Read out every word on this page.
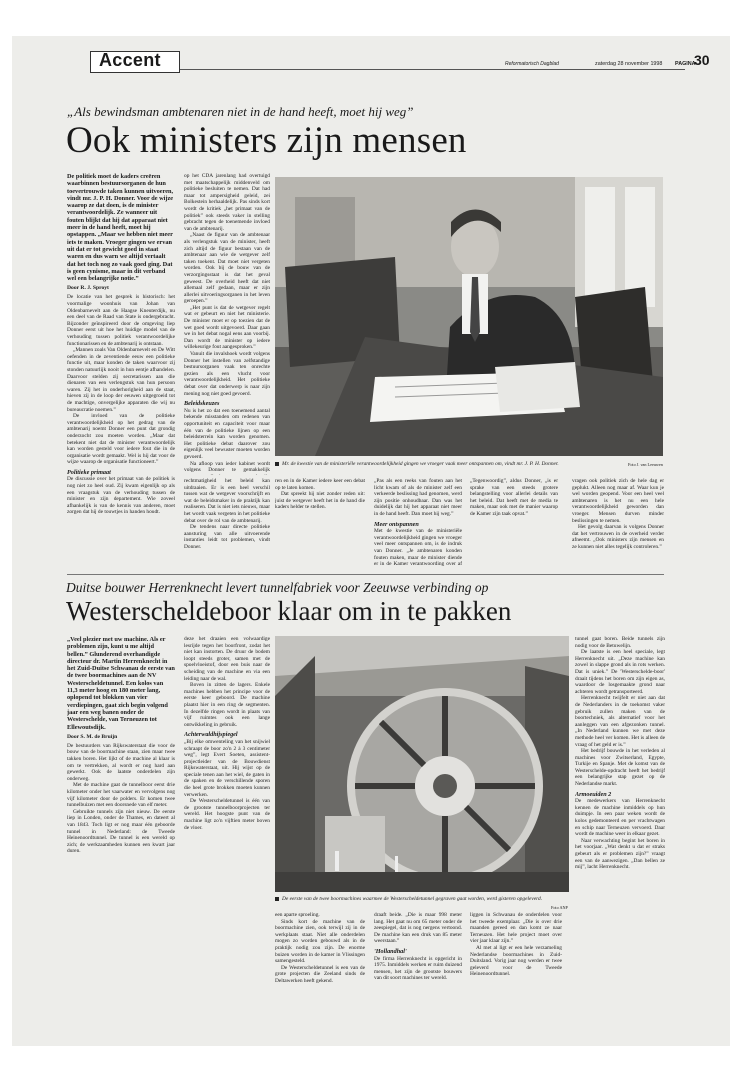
Accent	Reformatorisch Dagblad	zaterdag 28 november 1998 PAGINA
30
„Als bewindsman ambtenaren niet in de hand heeft, moet hij weg”
Ook ministers zijn mensen

De politiek moet de kaders creëren waarbinnen bestuursorganen de hun toevertrouwde taken kunnen uitvoeren, vindt mr. J. P. H. Donner. Voor de wijze waarop ze dat doen, is de minister verantwoordelijk. Ze wanneer uit fouten blijkt dat hij dat apparaat niet meer in de hand heeft, moet hij opstappen. „Maar we hebben niet meer iets te maken. Vroeger gingen we ervan uit dat er tot gewicht goed in staat waren en dus warn we altijd vertaalt dat het toch nog zo vaak goed ging. Dat is geen cynisme, maar in dit verband wel een belangrijke notie.”

Door R. J. Sproyt

De locatie van het gesprek is historisch: het voormalige woonhuis van Johan van Oldenbarnevelt aan de Haagse Kneuterdijk, nu een deel van de Raad van State is ondergebracht. Bijzonder geïnspireerd door de omgeving liep Donner eerst uit hoe het huidige model van de verhouding tussen politiek verantwoordelijke functionarissen en de ambtenarij is ontstaan.

„Mannen zoals Van Oldenbarnevelt en De Witt oefenden in de zeventiende eeuw een politieke functie uit, maar konden de taken waarvoor zij stonden natuurlijk nooit in hun eentje afhandelen. Daarvoor stelden zij secretarissen aan die dienaren van een verlengstuk van hun persoon waren. Zij het in onderhorigheid aan de staat, hieven zij in de loop der eeuwen uitgegroeid tot de machtige, onvergelijke apparaten die wij nu bureaucratie noemen.”

De invloed van de politieke verantwoordelijkheid op het gedrag van de ambtenarij noemt Donner een punt dat grondig onderzocht zou moeten worden. „Maar dat betekent niet dat de minister verantwoordelijk kan worden gesteld voor iedere fout die in de organisatie wordt gemaakt. Wel is hij dat voor de wijze waarop de organisatie functioneert.”

Politieke primaat

De discussie over het primaat van de politiek is nog niet zo heel oud. Zij kwam eigenlijk op als een vraagstuk van de verhouding tussen de minister en zijn departement. Wie zoveel afhankelijk is van de kennis van anderen, moet zorgen dat hij de touwtjes in handen houdt.

op het CDA jarenlang had overtuigd met maatschappelijk middenveld om politieke besluiten te nemen. Dat had maar tot ampersigheid geleid, zei Bolkestein herhaaldelijk. Pas sinds kort wordt de kritiek „het primaat van de politiek” ook steeds vaker in stelling gebracht tegen de toenemende invloed van de ambtenarij.

„Naast de figuur van de ambtenaar als verlengstuk van de minister, heeft zich altijd de figuur bestaan van de ambtenaar aan wie de wetgever zelf taken toekent. Dat moet niet vergeten worden. Ook bij de bouw van de verzorgingsstaat is dat het geval geweest. De overheid heeft dat niet allemaal zelf gedaan, maar er zijn allerlei uitvoeringsorganen in het leven geroepen.”

„Het punt is dat de wetgever regelt wat er gebeurt en niet het ministerie. De minister moet er op toezien dat de wet goed wordt uitgevoerd. Daar gaan we in het debat nogal eens aan voorbij. Dan wordt de minister op iedere willekeurige fout aangesproken.”

Vanuit die invalshoek wordt volgens Donner het instellen van zelfstandige bestuursorganen vaak ten onrechte gezien als een vlucht voor verantwoordelijkheid. Het politieke debat over dat onderwerp is naar zijn mening nog niet goed gevoerd.

Beleidskeuzes

Nu is het zo dat een toenemend aantal bekende misstanden om redenen van opportuniteit en capaciteit voor maar één van de politieke lijnen op een beleidsterrein kan worden genomen. Het politieke debat daarover zou eigenlijk veel bewuster moeten worden gevoerd.

Na afloop van ieder kabinet wordt volgens Donner te gemakkelijk

Mr. de kwestie van de ministeriële verantwoordelijkheid gingen we vroeger vaak meer ontspannen om, vindt mr. J. P. H. Donner.	Foto J. van Leeuwen

rechtmatigheid het beleid kan uitdraaien. Er is een heel verschil tussen wat de wetgever voorschrijft en wat de beleidsmaker in de praktijk kan realiseren. Dat is niet iets nieuws, maar het wordt vaak vergeten in het politieke debat over de rol van de ambtenarij.

De tendens naar directe politieke aansturing van alle uitvoerende instanties leidt tot problemen, vindt Donner.

ren en in de Kamer iedere keer een debat op te laten komen.

Dat spreekt hij niet zonder reden uit: juist de wetgever heeft het in de hand die kaders helder te stellen.

„Pas als een reeks van fouten aan het licht kwam of als de minister zelf een verkeerde beslissing had genomen, werd zijn positie onhoudbaar. Dan was het duidelijk dat hij het apparaat niet meer in de hand heeft. Dan moet hij weg.”

Meer ontspannen

Met de kwestie van de ministeriële verantwoordelijkheid gingen we vroeger veel meer ontspannen om, is de indruk van Donner. „Je ambtenaren konden fouten maken, maar de minister diende er in de Kamer verantwoording over af

„Tegenwoordig”, aldus Donner, „is er sprake van een steeds grotere belangstelling voor allerlei details van het beleid. Dat heeft met de media te maken, maar ook met de manier waarop de Kamer zijn taak opvat.”

vragen ook politiek zich de hele dag er geplukt. Alleen nog maar af. Waar kun je wel worden geopend. Voor een heel veel ambtenaren is het nu een hele verantwoordelijkheid geworden dan vroeger. Mensen durven minder beslissingen te nemen.

Het gevolg daarvan is volgens Donner dat het vertrouwen in de overheid verder afneemt. „Ook ministers zijn mensen en ze kunnen niet alles tegelijk controleren.”

Duitse bouwer Herrenknecht levert tunnelfabriek voor Zeeuwse verbinding op
Westerscheldeboor klaar om in te pakken

„Veel plezier met uw machine. Als er problemen zijn, kunt u me altijd bellen.” Glunderend overhandigde directeur dr. Martin Herrenknecht in het Zuid-Duitse Schwanau de eerste van de twee boormachines aan de NV Westerscheldetunnel. Een kolos van 11,3 meter hoog en 180 meter lang, oplopend tot blokken van vier verdiepingen, gaat zich begin volgend jaar een weg banen onder de Westerschelde, van Terneuzen tot Ellewoutsdijk.

Door S. M. de Bruijn

De bestuurders van Rijkswaterstaat die voor de bouw van de boormachine staan, zien maar twee takken boren. Het lijkt of de machine al klaar is om te vertrekken, al wordt er nog hard aan gewerkt. Ook de laatste onderdelen zijn onderweg.

Met de machine gaat de tunnelboor eerst drie kilometer onder het vaarwater en vervolgens nog vijf kilometer door de polders. Er komen twee tunnelbuizen met een doorsnede van elf meter.

Gebruikte tunnels zijn niet nieuw. De eerste liep in Londen, onder de Thames, en dateert al van 1843. Toch ligt er nog maar één geboorde tunnel in Nederland: de Tweede Heinenoordtunnel. De tunnel is een wereld op zich; de werkzaamheden kunnen een kwart jaar duren.

deze het draaien een volwaardige lesrijde tegen het boorfront, zodat het niet kan instorten. De druur de bodem loopt steeds groter, samen met de spoelvloeistof, door een buis naar de scheiding van de machine en via een leiding naar de wal.

Boven in zitten de lagers. Enkele machines hebben het principe voor de eerste keer geboord. De machine plaatst hier in een ring de segmenten. In dezelfde ringen wordt in plaats van vijf ruimtes ook een lange ontwikkeling in gebruik.

Achterwaldhijspiegel

„Bij elke omwenteling van het snijwiel schraapt de boor zo'n 2 à 3 centimeter weg”, legt Evert Soeten, assistent-projectleider van de Bouwdienst Rijkswaterstaat, uit. Hij wijst op de speciale tenen aan het wiel, de gaten in de spaken en de verschillende sporen die heel grote brokken moeten kunnen verwerken.

De Westerscheldetunnel is één van de grootste tunnelboorprojecten ter wereld. Het hoogste punt van de machine ligt zo'n vijftien meter boven de vloer.

De eerste van de twee boormachines waarmee de Westerscheldetunnel gegraven gaat worden, werd gisteren opgeleverd.
Foto ANP

een aparte sproeling.

Sinds kort de machine van de boormachine zien, ook terwijl zij in de werkplaats staat. Niet alle onderdelen mogen zo worden gebouwd als in de praktijk nodig zou zijn. De enorme buizen worden in de kamer in Vlissingen samengesteld.

De Westerscheldetunnel is een van de grote projecten die Zeeland sinds de Deltawerken heeft gekend.

draaft beide. „Die is maar 998 meter lang. Het gaat nu om 65 meter onder de zeespiegel, dat is nog nergens vertoond. De machine kan een druk van 85 meter weerstaan.”

'Hollandhal'

De firma Herrenknecht is opgericht in 1975. Inmiddels werken er ruim duizend mensen, het zijn de grootste bouwers van dit soort machines ter wereld.

liggen in Schwanau de onderdelen voor het tweede exemplaar. „Die is over drie maanden gereed en dan komt ze naar Terneuzen. Het hele project moet over vier jaar klaar zijn.”

Al met al ligt er een hele verzameling Nederlandse boormachines in Zuid-Duitsland. Vorig jaar nog werden er twee geleverd voor de Tweede Heinenoordtunnel.

tunnel gaat boren. Beide tunnels zijn nodig voor de Betuwelijn.

De laatste is een heel speciale, legt Herrenknecht uit. „Deze machine kan zowel in slappe grond als in rots werken. Dat is uniek.” De 'Westerschelde-boor' draait tijdens het boren om zijn eigen as, waardoor de losgemaakte grond naar achteren wordt getransporteerd.

Herrenknecht twijfelt er niet aan dat de Nederlanders in de toekomst vaker gebruik zullen maken van de boortechniek, als alternatief voor het aanleggen van een afgezonken tunnel. „In Nederland kunnen we met deze methode heel ver komen. Het is alleen de vraag of het geld er is.”

Het bedrijf bouwde in het verleden al machines voor Zwitserland, Egypte, Turkije en Spanje. Met de komst van de Westerschelde-opdracht heeft het bedrijf een belangrijke stap gezet op de Nederlandse markt.

Armoeuiden 2

De medewerkers van Herrenknecht kennen de machine inmiddels op hun duimpje. In een paar weken wordt de kolos gedemonteerd en per vrachtwagen en schip naar Terneuzen vervoerd. Daar wordt de machine weer in elkaar gezet.

Naar verwachting begint het boren in het voorjaar. „Wat denkt u dat er straks gebeurt als er problemen zijn?” vraagt een van de aanwezigen. „Dan bellen ze mij”, lacht Herrenknecht.
